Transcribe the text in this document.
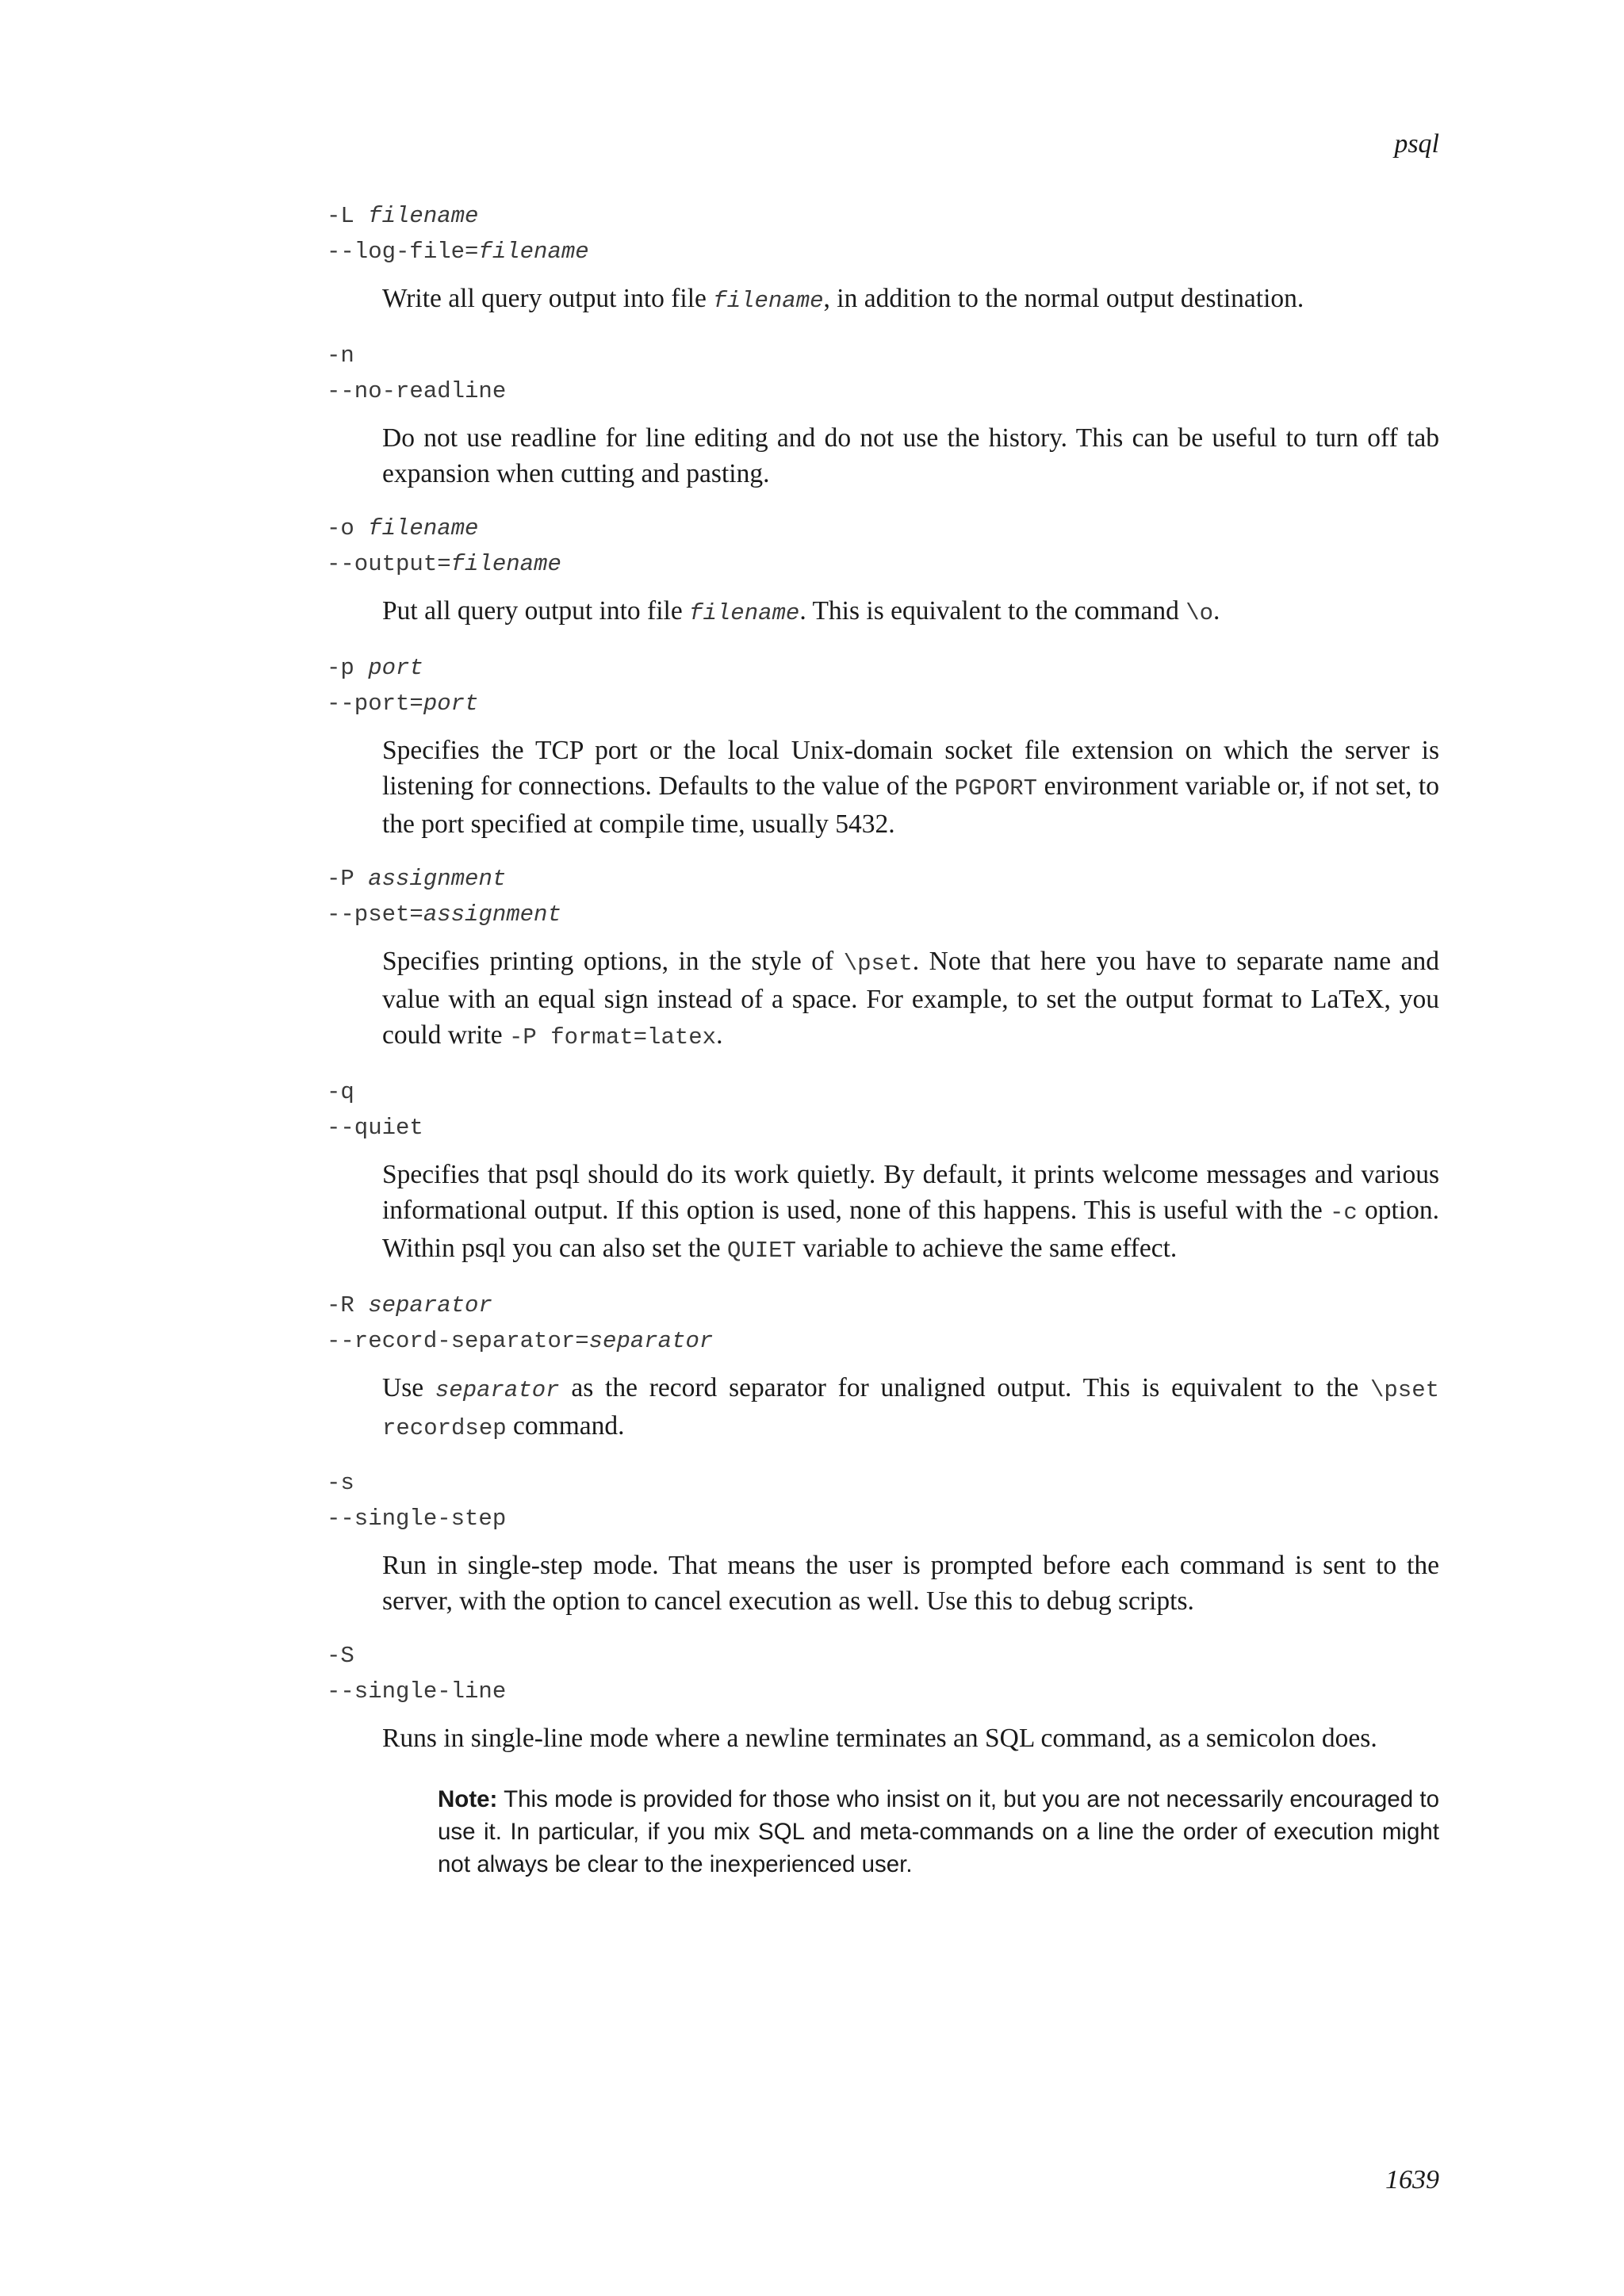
psql
-L filename
--log-file=filename
Write all query output into file filename, in addition to the normal output destination.
-n
--no-readline
Do not use readline for line editing and do not use the history. This can be useful to turn off tab expansion when cutting and pasting.
-o filename
--output=filename
Put all query output into file filename. This is equivalent to the command \o.
-p port
--port=port
Specifies the TCP port or the local Unix-domain socket file extension on which the server is listening for connections. Defaults to the value of the PGPORT environment variable or, if not set, to the port specified at compile time, usually 5432.
-P assignment
--pset=assignment
Specifies printing options, in the style of \pset. Note that here you have to separate name and value with an equal sign instead of a space. For example, to set the output format to LaTeX, you could write -P format=latex.
-q
--quiet
Specifies that psql should do its work quietly. By default, it prints welcome messages and various informational output. If this option is used, none of this happens. This is useful with the -c option. Within psql you can also set the QUIET variable to achieve the same effect.
-R separator
--record-separator=separator
Use separator as the record separator for unaligned output. This is equivalent to the \pset recordsep command.
-s
--single-step
Run in single-step mode. That means the user is prompted before each command is sent to the server, with the option to cancel execution as well. Use this to debug scripts.
-S
--single-line
Runs in single-line mode where a newline terminates an SQL command, as a semicolon does.
Note: This mode is provided for those who insist on it, but you are not necessarily encouraged to use it. In particular, if you mix SQL and meta-commands on a line the order of execution might not always be clear to the inexperienced user.
1639
